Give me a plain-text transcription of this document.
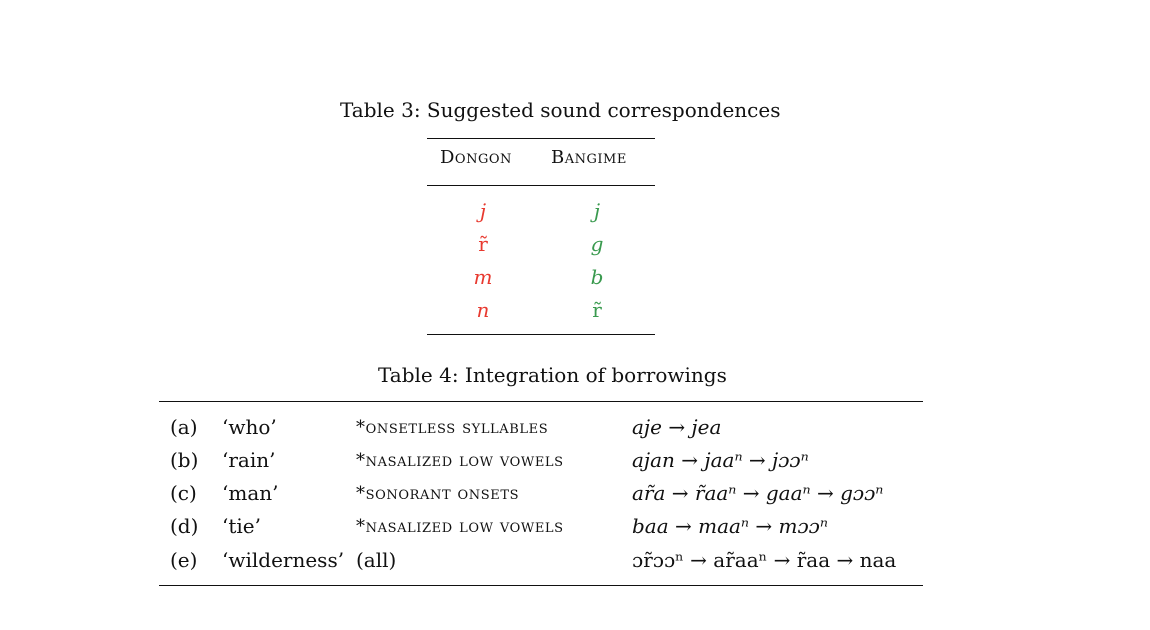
Table 3: Suggested sound correspondences
Dongon Bangime
j	j
r̃	g
m	b
n	r̃
Table 4: Integration of borrowings
(a) ‘who’	*onsetless syllables	aje → jea
(b) ‘rain’	*nasalized low vowels	ajan → jaaⁿ → jɔɔⁿ
(c) ‘man’	*sonorant onsets	ar̃a → r̃aaⁿ → gaaⁿ → gɔɔⁿ
(d) ‘tie’	*nasalized low vowels	baa → maaⁿ → mɔɔⁿ
(e) ‘wilderness’ (all)	ɔr̃ɔɔⁿ → ar̃aaⁿ → r̃aa → naa
